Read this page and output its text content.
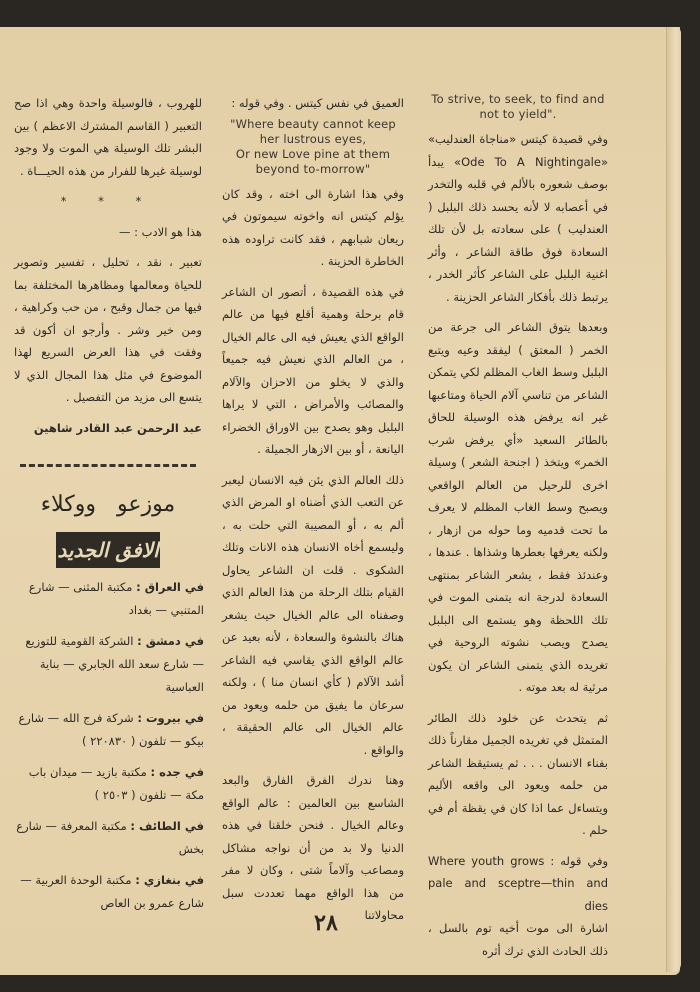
To strive, to seek, to find and not to yield".

وفي قصيدة كيتس «مناجاة العندليب» «Ode To A Nightingale» يبدأ بوصف شعوره بالألم في قلبه والتخدر في أعصابه لا لأنه يحسد ذلك البلبل ( العندليب ) على سعادته بل لأن تلك السعادة فوق طاقة الشاعر ، وأثر اغنية البلبل على الشاعر كأثر الخدر ، يرتبط ذلك بأفكار الشاعر الحزينة .

وبعدها يتوق الشاعر الى جرعة من الخمر ( المعتق ) ليفقد وعيه ويتبع البلبل وسط الغاب المظلم لكي يتمكن الشاعر من تناسي آلام الحياة ومتاعبها غير انه يرفض هذه الوسيلة للحاق بالطائر السعيد «أي يرفض شرب الخمر» ويتخذ ( اجنحة الشعر ) وسيلة اخرى للرحيل من العالم الواقعي ويصبح وسط الغاب المظلم لا يعرف ما تحت قدميه وما حوله من ازهار ، ولكنه يعرفها بعطرها وشذاها . عندها ، وعندئذ فقط ، يشعر الشاعر بمنتهى السعادة لدرجة انه يتمنى الموت في تلك اللحظة وهو يستمع الى البلبل يصدح ويصب نشوته الروحية في تغريده الذي يتمنى الشاعر ان يكون مرثية له بعد موته .

ثم يتحدث عن خلود ذلك الطائر المتمثل في تغريده الجميل مقارناً ذلك بفناء الانسان . . . ثم يستيقظ الشاعر من حلمه ويعود الى واقعه الأليم ويتساءل عما اذا كان في يقظة أم في حلم .

وفي قوله : Where youth grows pale and sceptre—thin and dies

اشارة الى موت أخيه توم بالسل ، ذلك الحادث الذي ترك أثره

العميق في نفس كيتس . وفي قوله :

"Where beauty cannot keep her lustrous eyes,

Or new Love pine at them beyond to-morrow"

وفي هذا اشارة الى اخته ، وقد كان يؤلم كيتس انه واخوته سيموتون في ريعان شبابهم ، فقد كانت تراوده هذه الخاطرة الحزينة .

في هذه القصيدة ، أتصور ان الشاعر قام برحلة وهمية أقلع فيها من عالم الواقع الذي يعيش فيه الى عالم الخيال ، من العالم الذي نعيش فيه جميعاً والذي لا يخلو من الاحزان والآلام والمصائب والأمراض ، التي لا يراها البلبل وهو يصدح بين الاوراق الخضراء اليانعة ، أو بين الازهار الجميلة .

ذلك العالم الذي يئن فيه الانسان ليعبر عن التعب الذي أضناه او المرض الذي ألم به ، أو المصيبة التي حلت به ، وليسمع أخاه الانسان هذه الانات وتلك الشكوى . قلت ان الشاعر يحاول القيام بتلك الرحلة من هذا العالم الذي وصفناه الى عالم الخيال حيث يشعر هناك بالنشوة والسعادة ، لأنه بعيد عن عالم الواقع الذي يقاسي فيه الشاعر أشد الآلام ( كأي انسان منا ) ، ولكنه سرعان ما يفيق من حلمه ويعود من عالم الخيال الى عالم الحقيقة ، والواقع .

وهنا ندرك الفرق الفارق والبعد الشاسع بين العالمين : عالم الواقع وعالم الخيال . فنحن خلقنا في هذه الدنيا ولا بد من أن نواجه مشاكل ومصاعب وآلاماً شتى ، وكان لا مفر من هذا الواقع مهما تعددت سبل محاولاتنا

للهروب ، فالوسيلة واحدة وهي اذا صح التعبير ( القاسم المشترك الاعظم ) بين البشر تلك الوسيلة هي الموت ولا وجود لوسيلة غيرها للفرار من هذه الحيـــاة .

* * *

هذا هو الادب : —

تعبير ، نقد ، تحليل ، تفسير وتصوير للحياة ومعالمها ومظاهرها المختلفة بما فيها من جمال وقبح ، من حب وكراهية ، ومن خير وشر . وأرجو ان أكون قد وفقت في هذا العرض السريع لهذا الموضوع في مثل هذا المجال الذي لا يتسع الى مزيد من التفصيل .

عبد الرحمن عبد القادر شاهين

موزعو ووكلاء
الافق الجديد
في العراق : مكتبة المثنى — شارع المتنبي — بغداد
في دمشق : الشركة القومية للتوزيع — شارع سعد الله الجابري — بناية العباسية
في بيروت : شركة فرج الله — شارع بيكو — تلفون ( ٢٢٠٨٣٠ )
في جده : مكتبة بازيد — ميدان باب مكة — تلفون ( ٢٥٠٣ )
في الطائف : مكتبة المعرفة — شارع بخش
في بنغازي : مكتبة الوحدة العربية — شارع عمرو بن العاص
٢٨
